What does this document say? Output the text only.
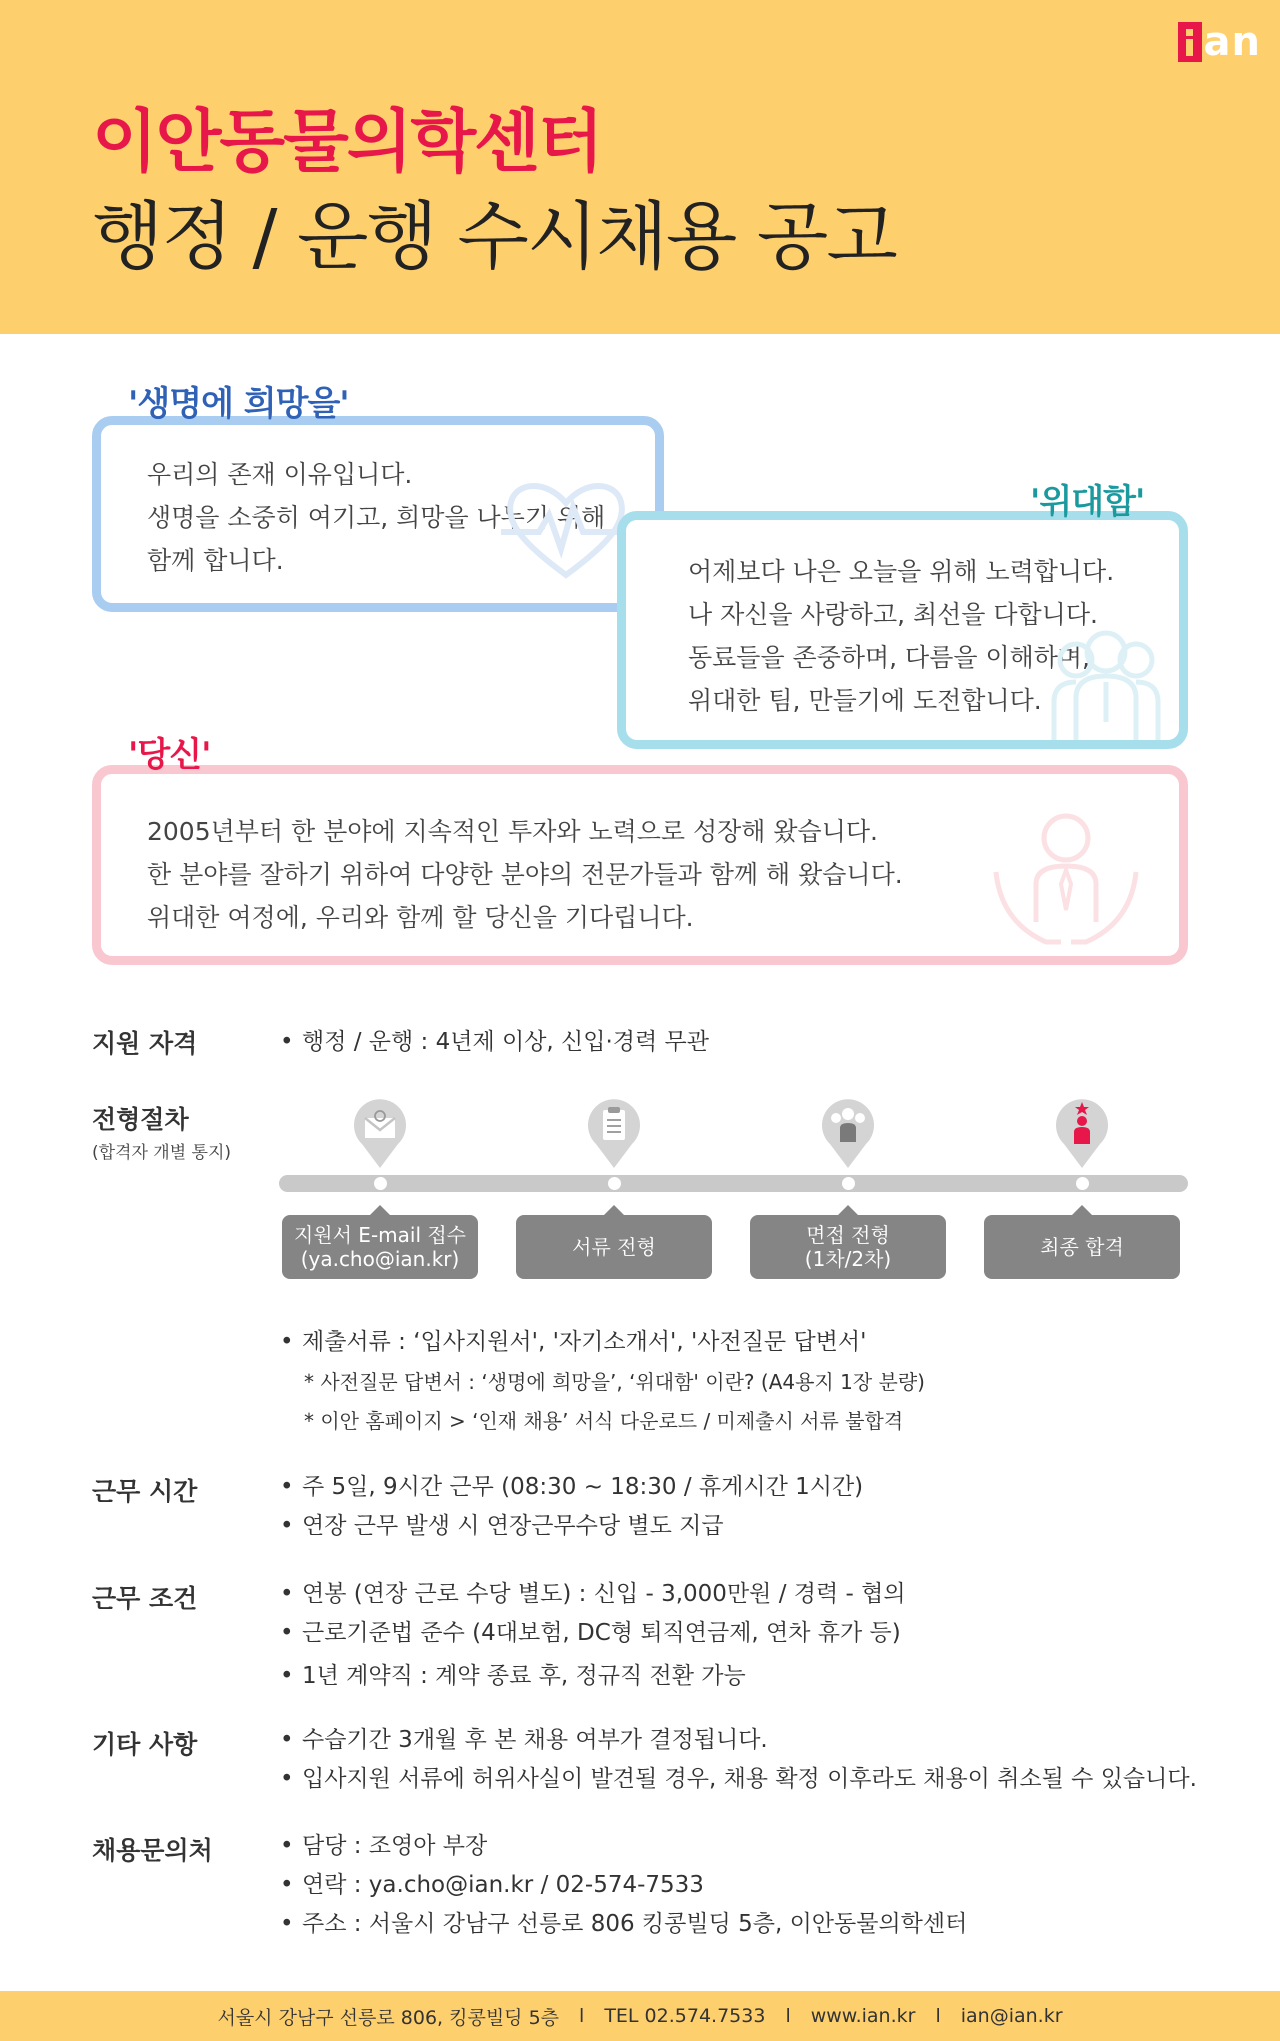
an
이안동물의학센터
행정 / 운행 수시채용 공고

우리의 존재 이유입니다.

생명을 소중히 여기고, 희망을 나누기 위해

함께 합니다.

'생명에 희망을'

어제보다 나은 오늘을 위해 노력합니다.

나 자신을 사랑하고, 최선을 다합니다.

동료들을 존중하며, 다름을 이해하며,

위대한 팀, 만들기에 도전합니다.

'위대함'

2005년부터 한 분야에 지속적인 투자와 노력으로 성장해 왔습니다.

한 분야를 잘하기 위하여 다양한 분야의 전문가들과 함께 해 왔습니다.

위대한 여정에, 우리와 함께 할 당신을 기다립니다.

'당신'
지원 자격	• 행정 / 운행 : 4년제 이상, 신입·경력 무관
전형절차
(합격자 개별 통지)
지원서 E-mail 접수
(ya.cho@ian.kr)	서류 전형	면접 전형
(1차/2차)	최종 합격
• 제출서류 : ‘입사지원서', '자기소개서', '사전질문 답변서'
* 사전질문 답변서 : ‘생명에 희망을’, ‘위대함' 이란? (A4용지 1장 분량)
* 이안 홈페이지 > ‘인재 채용’ 서식 다운로드 / 미제출시 서류 불합격
근무 시간	• 주 5일, 9시간 근무 (08:30 ~ 18:30 / 휴게시간 1시간)
• 연장 근무 발생 시 연장근무수당 별도 지급
근무 조건	• 연봉 (연장 근로 수당 별도) : 신입 - 3,000만원 / 경력 - 협의
• 근로기준법 준수 (4대보험, DC형 퇴직연금제, 연차 휴가 등)
• 1년 계약직 : 계약 종료 후, 정규직 전환 가능
기타 사항	• 수습기간 3개월 후 본 채용 여부가 결정됩니다.
• 입사지원 서류에 허위사실이 발견될 경우, 채용 확정 이후라도 채용이 취소될 수 있습니다.
채용문의처	• 담당 : 조영아 부장
• 연락 : ya.cho@ian.kr / 02-574-7533
• 주소 : 서울시 강남구 선릉로 806 킹콩빌딩 5층, 이안동물의학센터
서울시 강남구 선릉로 806, 킹콩빌딩 5층 l TEL 02.574.7533 l www.ian.kr l ian@ian.kr
